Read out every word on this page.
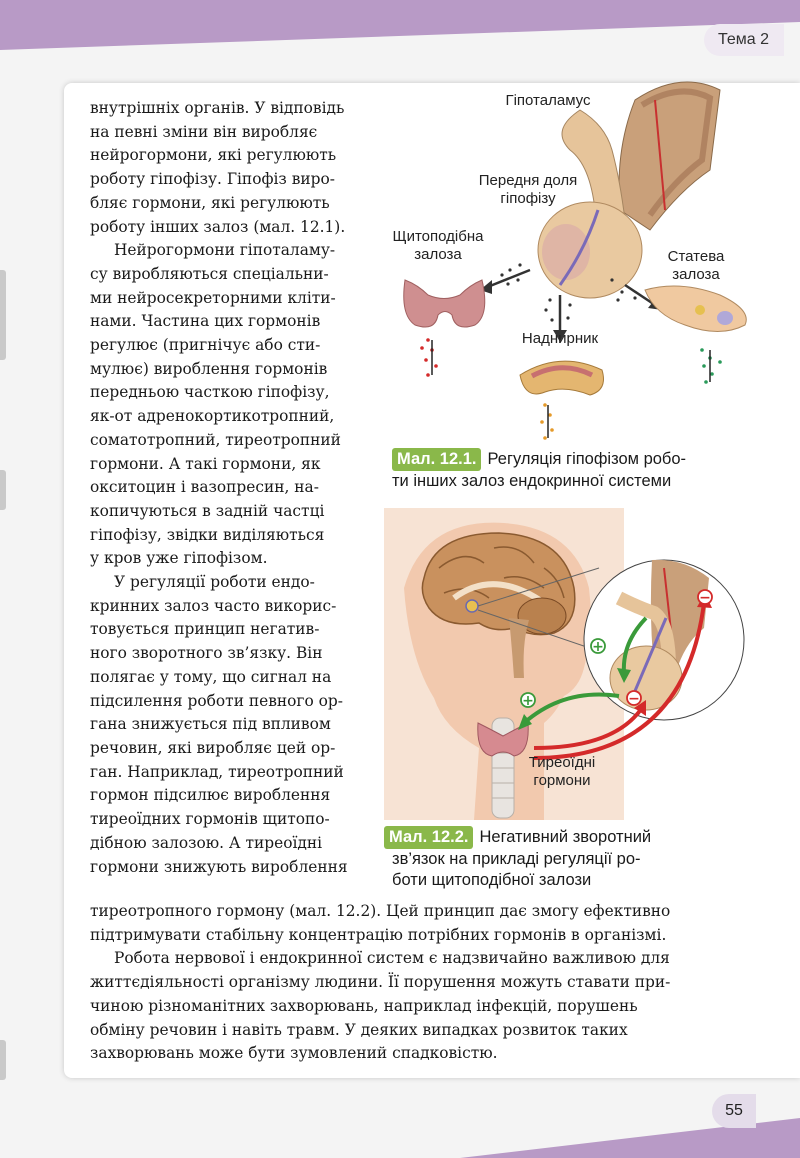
Тема 2

внутрішніх органів. У відповідь

на певні зміни він виробляє

нейрогормони, які регулюють

роботу гіпофізу. Гіпофіз виро-

бляє гормони, які регулюють

роботу інших залоз (мал. 12.1).

Нейрогормони гіпоталаму-

су виробляються спеціальни-

ми нейросекреторними кліти-

нами. Частина цих гормонів

регулює (пригнічує або сти-

мулює) вироблення гормонів

передньою часткою гіпофізу,

як-от адренокортикотропний,

соматотропний, тиреотропний

гормони. А такі гормони, як

окситоцин і вазопресин, на-

копичуються в задній частці

гіпофізу, звідки виділяються

у кров уже гіпофізом.

У регуляції роботи ендо-

кринних залоз часто викорис-

товується принцип негатив-

ного зворотного зв’язку. Він

полягає у тому, що сигнал на

підсилення роботи певного ор-

гана знижується під впливом

речовин, які виробляє цей ор-

ган. Наприклад, тиреотропний

гормон підсилює вироблення

тиреоїдних гормонів щитопо-

дібною залозою. А тиреоїдні

гормони знижують вироблення

тиреотропного гормону (мал. 12.2). Цей принцип дає змогу ефективно

підтримувати стабільну концентрацію потрібних гормонів в організмі.

Робота нервової і ендокринної систем є надзвичайно важливою для

життєдіяльності організму людини. Її порушення можуть ставати при-

чиною різноманітних захворювань, наприклад інфекцій, порушень

обміну речовин і навіть травм. У деяких випадках розвиток таких

захворювань може бути зумовлений спадковістю.

Гіпоталамус
Передня доля
гіпофізу
Щитоподібна
залоза	Статева
залоза
Наднирник
Мал. 12.1. Регуляція гіпофізом робо-
ти інших залоз ендокринної системи
+
+	−
−
Тиреоїдні
гормони
Мал. 12.2. Негативний зворотний
зв’язок на прикладі регуляції ро-
боти щитоподібної залози
55
